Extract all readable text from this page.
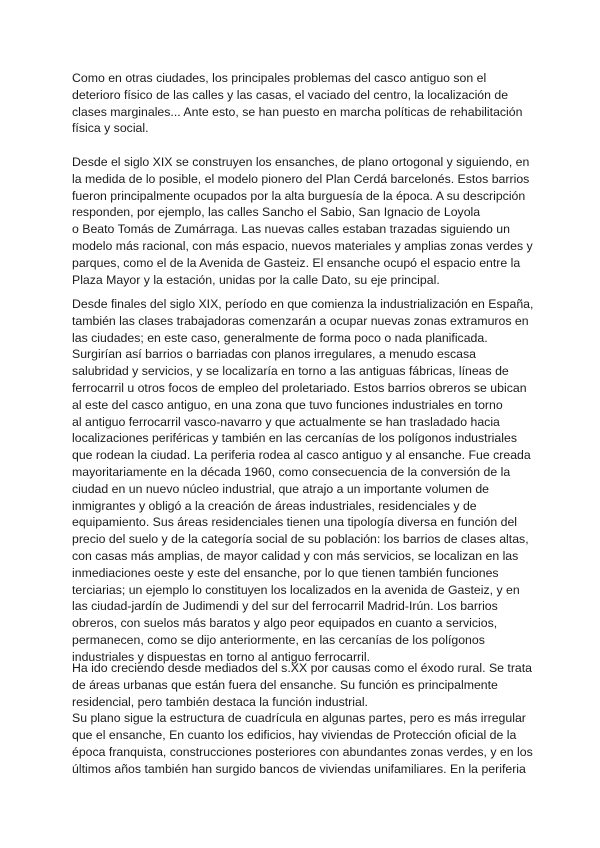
Como en otras ciudades, los principales problemas del casco antiguo son el
deterioro físico de las calles y las casas, el vaciado del centro, la localización de
clases marginales... Ante esto, se han puesto en marcha políticas de rehabilitación
física y social.
Desde el siglo XIX se construyen los ensanches, de plano ortogonal y siguiendo, en
la medida de lo posible, el modelo pionero del Plan Cerdá barcelonés. Estos barrios
fueron principalmente ocupados por la alta burguesía de la época. A su descripción
responden, por ejemplo, las calles Sancho el Sabio, San Ignacio de Loyola
o Beato Tomás de Zumárraga. Las nuevas calles estaban trazadas siguiendo un
modelo más racional, con más espacio, nuevos materiales y amplias zonas verdes y
parques, como el de la Avenida de Gasteiz. El ensanche ocupó el espacio entre la
Plaza Mayor y la estación, unidas por la calle Dato, su eje principal.
Desde finales del siglo XIX, período en que comienza la industrialización en España,
también las clases trabajadoras comenzarán a ocupar nuevas zonas extramuros en
las ciudades; en este caso, generalmente de forma poco o nada planificada.
Surgirían así barrios o barriadas con planos irregulares, a menudo escasa
salubridad y servicios, y se localizaría en torno a las antiguas fábricas, líneas de
ferrocarril u otros focos de empleo del proletariado. Estos barrios obreros se ubican
al este del casco antiguo, en una zona que tuvo funciones industriales en torno
al antiguo ferrocarril vasco-navarro y que actualmente se han trasladado hacia
localizaciones periféricas y también en las cercanías de los polígonos industriales
que rodean la ciudad. La periferia rodea al casco antiguo y al ensanche. Fue creada
mayoritariamente en la década 1960, como consecuencia de la conversión de la
ciudad en un nuevo núcleo industrial, que atrajo a un importante volumen de
inmigrantes y obligó a la creación de áreas industriales, residenciales y de
equipamiento. Sus áreas residenciales tienen una tipología diversa en función del
precio del suelo y de la categoría social de su población: los barrios de clases altas,
con casas más amplias, de mayor calidad y con más servicios, se localizan en las
inmediaciones oeste y este del ensanche, por lo que tienen también funciones
terciarias; un ejemplo lo constituyen los localizados en la avenida de Gasteiz, y en
las ciudad-jardín de Judimendi y del sur del ferrocarril Madrid-Irún. Los barrios
obreros, con suelos más baratos y algo peor equipados en cuanto a servicios,
permanecen, como se dijo anteriormente, en las cercanías de los polígonos
industriales y dispuestas en torno al antiguo ferrocarril.
Ha ido creciendo desde mediados del s.XX por causas como el éxodo rural. Se trata
de áreas urbanas que están fuera del ensanche. Su función es principalmente
residencial, pero también destaca la función industrial.
Su plano sigue la estructura de cuadrícula en algunas partes, pero es más irregular
que el ensanche, En cuanto los edificios, hay viviendas de Protección oficial de la
época franquista, construcciones posteriores con abundantes zonas verdes, y en los
últimos años también han surgido bancos de viviendas unifamiliares. En la periferia
